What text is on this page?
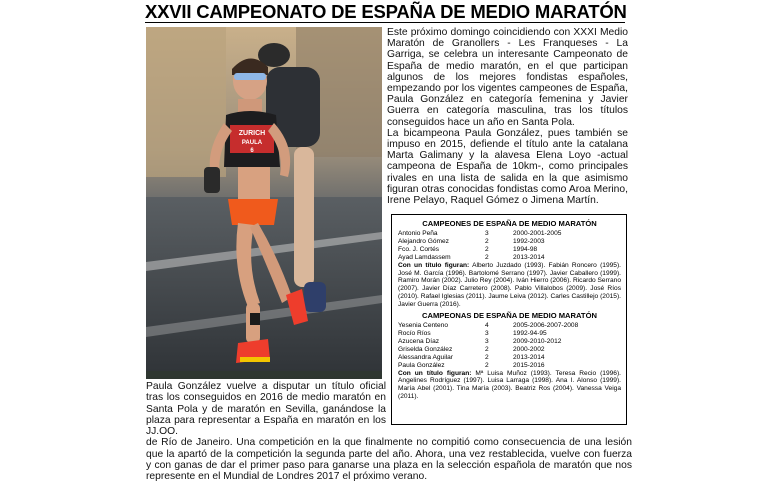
XXVII CAMPEONATO DE ESPAÑA DE MEDIO MARATÓN
ZURICH
PAULA
6

Este próximo domingo coincidiendo con XXXI Medio Maratón de Granollers - Les Franqueses - La Garriga, se celebra un interesante Campeonato de España de medio maratón, en el que participan algunos de los mejores fondistas españoles, empezando por los vigentes campeones de España, Paula González en categoría femenina y Javier Guerra en categoría masculina, tras los títulos conseguidos hace un año en Santa Pola.

La bicampeona Paula González, pues también se impuso en 2015, defiende el título ante la catalana Marta Galimany y la alavesa Elena Loyo -actual campeona de España de 10km-, como principales rivales en una lista de salida en la que asimismo figuran otras conocidas fondistas como Aroa Merino, Irene Pelayo, Raquel Gómez o Jimena Martín.

CAMPEONES DE ESPAÑA DE MEDIO MARATÓN
Antonio Peña	3	2000-2001-2005
Alejandro Gómez	2	1992-2003
Fco. J. Cortés	2	1994-98
Ayad Lamdassem	2	2013-2014

Con un título figuran: Alberto Juzdado (1993). Fabián Roncero (1995). José M. García (1996). Bartolomé Serrano (1997). Javier Caballero (1999). Ramiro Morán (2002). Julio Rey (2004). Iván Hierro (2006). Ricardo Serrano (2007). Javier Díaz Carretero (2008). Pablo Villalobos (2009). José Ríos (2010). Rafael Iglesias (2011). Jaume Leiva (2012). Carles Castillejo (2015). Javier Guerra (2016).

CAMPEONAS DE ESPAÑA DE MEDIO MARATÓN
Yesenia Centeno	4	2005-2006-2007-2008
Rocío Ríos	3	1992-94-95
Azucena Díaz	3	2009-2010-2012
Griselda González	2	2000-2002
Alessandra Aguilar	2	2013-2014
Paula González	2	2015-2016

Con un título figuran: Mª Luisa Muñoz (1993). Teresa Recio (1996). Angelines Rodríguez (1997). Luisa Larraga (1998). Ana I. Alonso (1999). María Abel (2001). Tina María (2003). Beatriz Ros (2004). Vanessa Veiga (2011).

Paula González vuelve a disputar un título oficial tras los conseguidos en 2016 de medio maratón en Santa Pola y de maratón en Sevilla, ganándose la plaza para representar a España en maratón en los JJ.OO.
de Río de Janeiro. Una competición en la que finalmente no compitió como consecuencia de una lesión que la apartó de la competición la segunda parte del año. Ahora, una vez restablecida, vuelve con fuerza y con ganas de dar el primer paso para ganarse una plaza en la selección española de maratón que nos represente en el Mundial de Londres 2017 el próximo verano.
